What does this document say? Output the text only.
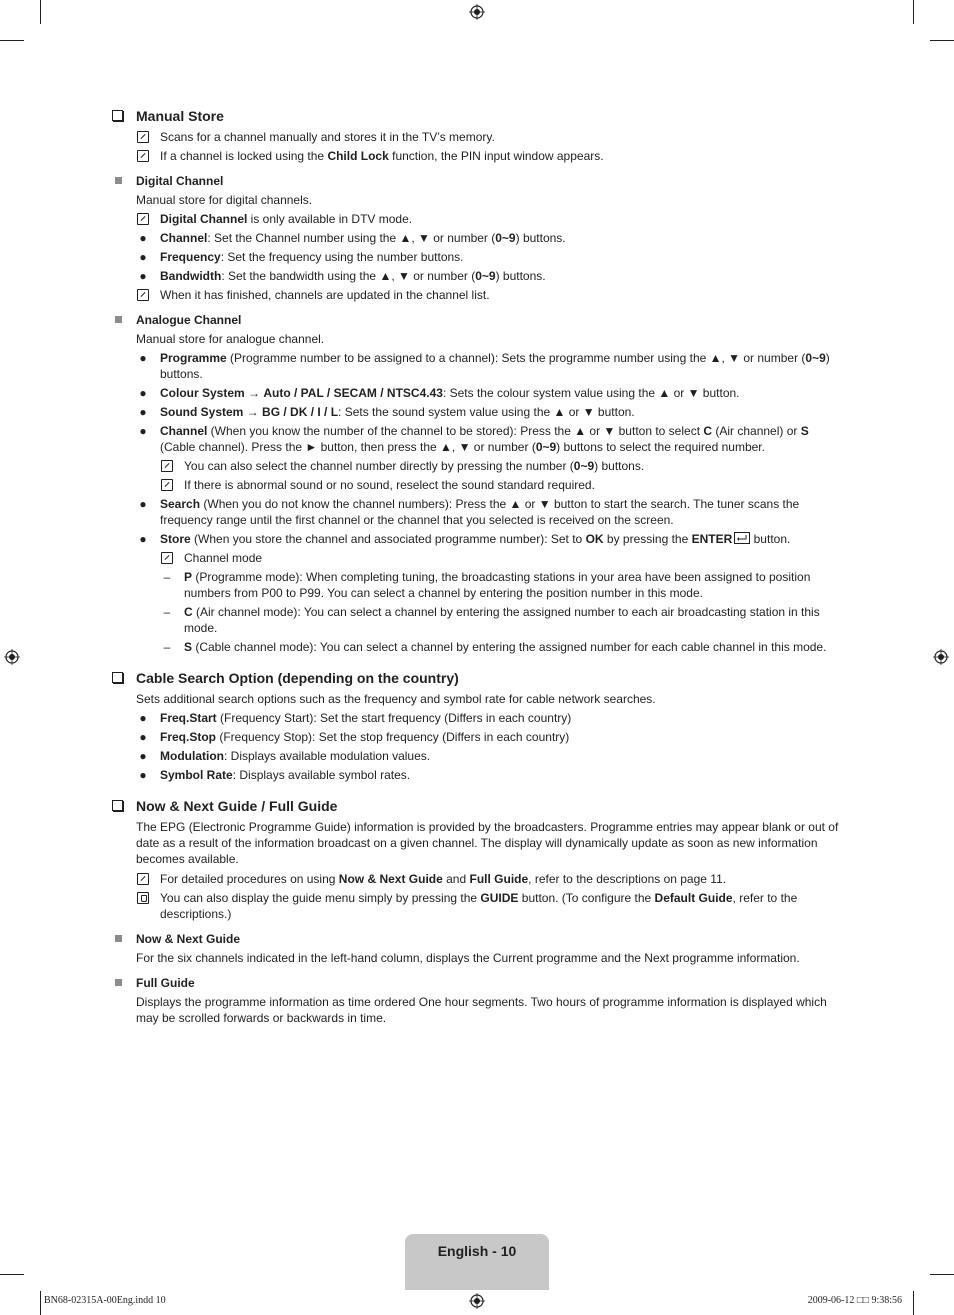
Manual Store
Scans for a channel manually and stores it in the TV’s memory.
If a channel is locked using the Child Lock function, the PIN input window appears.
Digital Channel
Manual store for digital channels.
Digital Channel is only available in DTV mode.
● Channel: Set the Channel number using the ▲, ▼ or number (0~9) buttons.
● Frequency: Set the frequency using the number buttons.
● Bandwidth: Set the bandwidth using the ▲, ▼ or number (0~9) buttons.
When it has finished, channels are updated in the channel list.
Analogue Channel
Manual store for analogue channel.
● Programme (Programme number to be assigned to a channel): Sets the programme number using the ▲, ▼ or number (0~9) buttons.
● Colour System → Auto / PAL / SECAM / NTSC4.43: Sets the colour system value using the ▲ or ▼ button.
● Sound System → BG / DK / I / L: Sets the sound system value using the ▲ or ▼ button.
● Channel (When you know the number of the channel to be stored): Press the ▲ or ▼ button to select C (Air channel) or S (Cable channel). Press the ► button, then press the ▲, ▼ or number (0~9) buttons to select the required number.
You can also select the channel number directly by pressing the number (0~9) buttons.
If there is abnormal sound or no sound, reselect the sound standard required.
● Search (When you do not know the channel numbers): Press the ▲ or ▼ button to start the search. The tuner scans the frequency range until the first channel or the channel that you selected is received on the screen.
● Store (When you store the channel and associated programme number): Set to OK by pressing the ENTER button.
Channel mode
–	P (Programme mode): When completing tuning, the broadcasting stations in your area have been assigned to position numbers from P00 to P99. You can select a channel by entering the position number in this mode.
–	C (Air channel mode): You can select a channel by entering the assigned number to each air broadcasting station in this mode.
–	S (Cable channel mode): You can select a channel by entering the assigned number for each cable channel in this mode.
Cable Search Option (depending on the country)
Sets additional search options such as the frequency and symbol rate for cable network searches.
● Freq.Start (Frequency Start): Set the start frequency (Differs in each country)
● Freq.Stop (Frequency Stop): Set the stop frequency (Differs in each country)
● Modulation: Displays available modulation values.
● Symbol Rate: Displays available symbol rates.
Now & Next Guide / Full Guide
The EPG (Electronic Programme Guide) information is provided by the broadcasters. Programme entries may appear blank or out of date as a result of the information broadcast on a given channel. The display will dynamically update as soon as new information becomes available.
For detailed procedures on using Now & Next Guide and Full Guide, refer to the descriptions on page 11.
You can also display the guide menu simply by pressing the GUIDE button. (To configure the Default Guide, refer to the descriptions.)
Now & Next Guide
For the six channels indicated in the left-hand column, displays the Current programme and the Next programme information.
Full Guide
Displays the programme information as time ordered One hour segments. Two hours of programme information is displayed which may be scrolled forwards or backwards in time.
English - 10
BN68-02315A-00Eng.indd 10	2009-06-12 □□ 9:38:56
